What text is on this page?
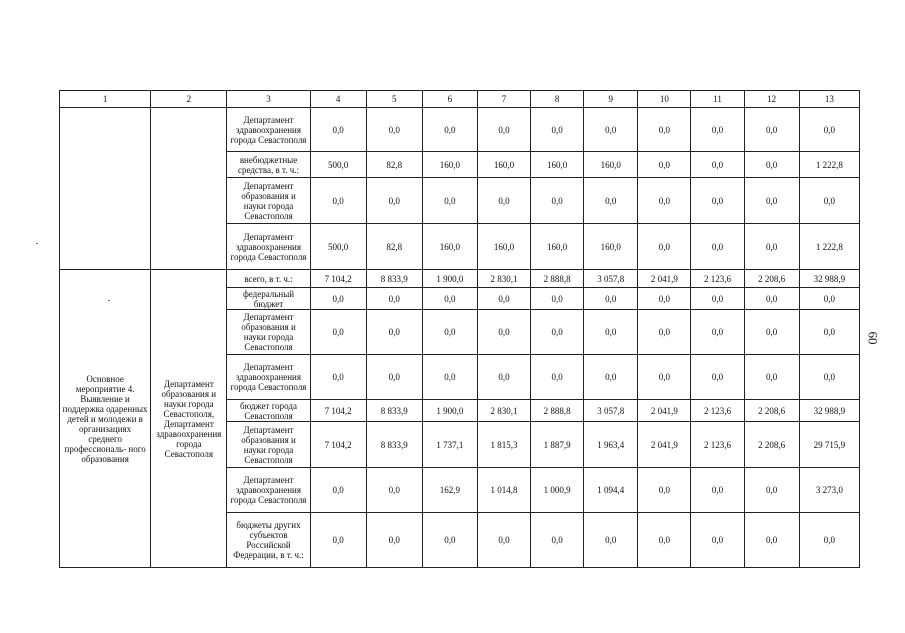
1	2	3	4	5	6	7	8	9	10	11	12	13
		Департамент здравоохранения города Севастополя	0,0	0,0	0,0	0,0	0,0	0,0	0,0	0,0	0,0	0,0
		внебюджетные средства, в т. ч.:	500,0	82,8	160,0	160,0	160,0	160,0	0,0	0,0	0,0	1 222,8
		Департамент образования и науки города Севастополя	0,0	0,0	0,0	0,0	0,0	0,0	0,0	0,0	0,0	0,0
		Департамент здравоохранения города Севастополя	500,0	82,8	160,0	160,0	160,0	160,0	0,0	0,0	0,0	1 222,8
Основное мероприятие 4. Выявление и поддержка одаренных детей и молодежи в организациях среднего профессиональ- ного образования	Департамент образования и науки города Севастополя, Департамент здравоохранения города Севастополя	всего, в т. ч.:	7 104,2	8 833,9	1 900,0	2 830,1	2 888,8	3 057,8	2 041,9	2 123,6	2 208,6	32 988,9
		федеральный бюджет	0,0	0,0	0,0	0,0	0,0	0,0	0,0	0,0	0,0	0,0
		Департамент образования и науки города Севастополя	0,0	0,0	0,0	0,0	0,0	0,0	0,0	0,0	0,0	0,0
		Департамент здравоохранения города Севастополя	0,0	0,0	0,0	0,0	0,0	0,0	0,0	0,0	0,0	0,0
		бюджет города Севастополя	7 104,2	8 833,9	1 900,0	2 830,1	2 888,8	3 057,8	2 041,9	2 123,6	2 208,6	32 988,9
		Департамент образования и науки города Севастополя	7 104,2	8 833,9	1 737,1	1 815,3	1 887,9	1 963,4	2 041,9	2 123,6	2 208,6	29 715,9
		Департамент здравоохранения города Севастополя	0,0	0,0	162,9	1 014,8	1 000,9	1 094,4	0,0	0,0	0,0	3 273,0
		бюджеты других субъектов Российской Федерации, в т. ч.:	0,0	0,0	0,0	0,0	0,0	0,0	0,0	0,0	0,0	0,0
60
